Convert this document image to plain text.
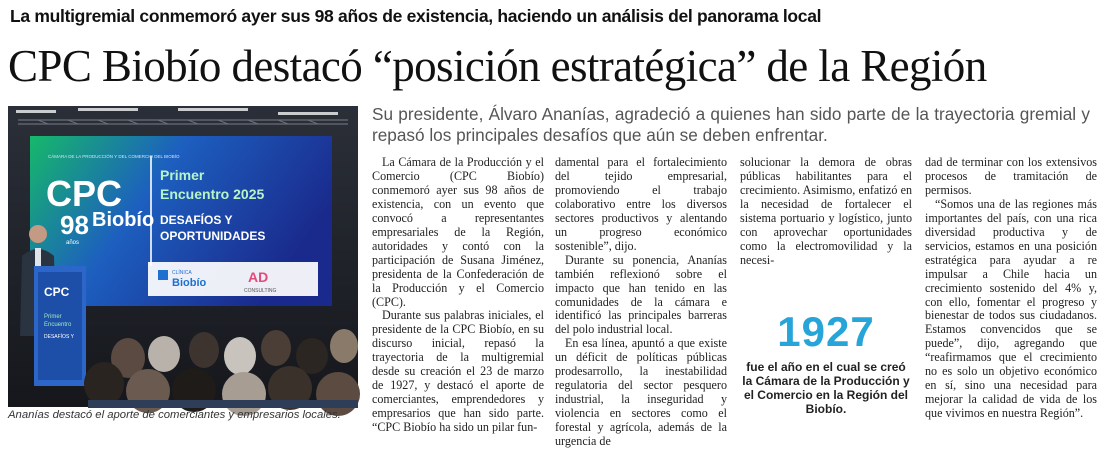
La multigremial conmemoró ayer sus 98 años de existencia, haciendo un análisis del panorama local
CPC Biobío destacó “posición estratégica” de la Región
CÁMARA DE LA PRODUCCIÓN Y DEL COMERCIO DEL BIOBÍO
CPC
98
años
Biobío
Primer
Encuentro 2025
DESAFÍOS Y
OPORTUNIDADES
CLÍNICA
Biobío	AD
CONSULTING
CPC
Primer
Encuentro
DESAFÍOS Y
Ananías destacó el aporte de comerciantes y empresarios locales.
Su presidente, Álvaro Ananías, agradeció a quienes han sido parte de la trayectoria gremial y repasó los principales desafíos que aún se deben enfrentar.

La Cámara de la Producción y el Comercio (CPC Biobío) conmemoró ayer sus 98 años de existencia, con un evento que convocó a representantes empresariales de la Región, autoridades y contó con la participación de Susana Jiménez, presidenta de la Confederación de la Producción y el Comercio (CPC).

Durante sus palabras iniciales, el presidente de la CPC Biobío, en su discurso inicial, repasó la trayectoria de la multigremial desde su creación el 23 de marzo de 1927, y destacó el aporte de comerciantes, emprendedores y empresarios que han sido parte. “CPC Biobío ha sido un pilar fun-

damental para el fortalecimiento del tejido empresarial, promoviendo el trabajo colaborativo entre los diversos sectores productivos y alentando un progreso económico sostenible”, dijo.

Durante su ponencia, Ananías también reflexionó sobre el impacto que han tenido en las comunidades de la cámara e identificó las principales barreras del polo industrial local.

En esa línea, apuntó a que existe un déficit de políticas públicas prodesarrollo, la inestabilidad regulatoria del sector pesquero industrial, la inseguridad y violencia en sectores como el forestal y agrícola, además de la urgencia de

solucionar la demora de obras públicas habilitantes para el crecimiento. Asimismo, enfatizó en la necesidad de fortalecer el sistema portuario y logístico, junto con aprovechar oportunidades como la electromovilidad y la necesi-

dad de terminar con los extensivos procesos de tramitación de permisos.

“Somos una de las regiones más importantes del país, con una rica diversidad productiva y de servicios, estamos en una posición estratégica para ayudar a re impulsar a Chile hacia un crecimiento sostenido del 4% y, con ello, fomentar el progreso y bienestar de todos sus ciudadanos. Estamos convencidos que se puede”, dijo, agregando que “reafirmamos que el crecimiento no es solo un objetivo económico en sí, sino una necesidad para mejorar la calidad de vida de los que vivimos en nuestra Región”.

1927
fue el año en el cual se creó la Cámara de la Producción y el Comercio en la Región del Biobío.
